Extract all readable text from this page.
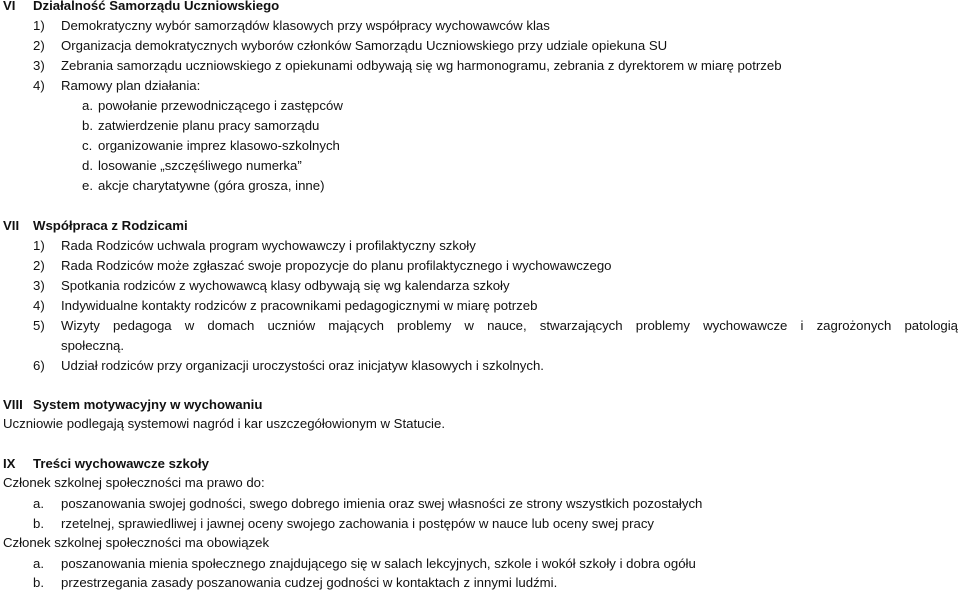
VI Działalność Samorządu Uczniowskiego
1) Demokratyczny wybór samorządów klasowych przy współpracy wychowawców klas
2) Organizacja demokratycznych wyborów członków Samorządu Uczniowskiego przy udziale opiekuna SU
3) Zebrania samorządu uczniowskiego z opiekunami odbywają się wg harmonogramu, zebrania z dyrektorem w miarę potrzeb
4) Ramowy plan działania:
a. powołanie przewodniczącego i zastępców
b. zatwierdzenie planu pracy samorządu
c. organizowanie imprez klasowo-szkolnych
d. losowanie „szczęśliwego numerka”
e. akcje charytatywne (góra grosza, inne)
VII Współpraca z Rodzicami
1) Rada Rodziców uchwala program wychowawczy i profilaktyczny szkoły
2) Rada Rodziców może zgłaszać swoje propozycje do planu profilaktycznego i wychowawczego
3) Spotkania rodziców z wychowawcą klasy odbywają się wg kalendarza szkoły
4) Indywidualne kontakty rodziców z pracownikami pedagogicznymi w miarę potrzeb
5) Wizyty pedagoga w domach uczniów mających problemy w nauce, stwarzających problemy wychowawcze i zagrożonych patologią
społeczną.
6) Udział rodziców przy organizacji uroczystości oraz inicjatyw klasowych i szkolnych.
VIII System motywacyjny w wychowaniu
Uczniowie podlegają systemowi nagród i kar uszczegółowionym w Statucie.
IX Treści wychowawcze szkoły
Członek szkolnej społeczności ma prawo do:
a. poszanowania swojej godności, swego dobrego imienia oraz swej własności ze strony wszystkich pozostałych
b. rzetelnej, sprawiedliwej i jawnej oceny swojego zachowania i postępów w nauce lub oceny swej pracy
Członek szkolnej społeczności ma obowiązek
a. poszanowania mienia społecznego znajdującego się w salach lekcyjnych, szkole i wokół szkoły i dobra ogółu
b. przestrzegania zasady poszanowania cudzej godności w kontaktach z innymi ludźmi.
